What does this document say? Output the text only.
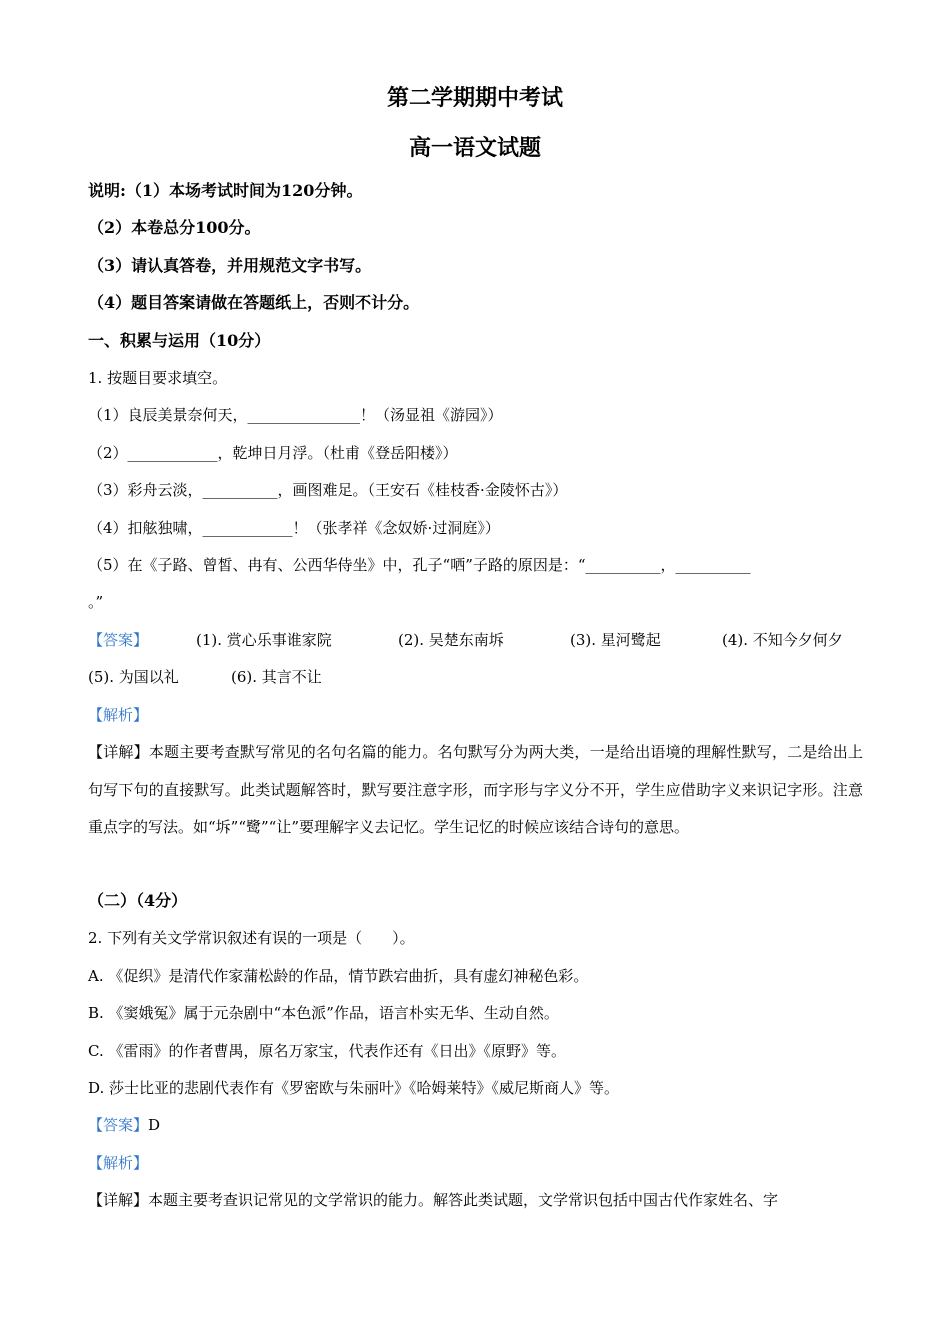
第二学期期中考试
高一语文试题
说明:（1）本场考试时间为120分钟。
（2）本卷总分100分。
（3）请认真答卷，并用规范文字书写。
（4）题目答案请做在答题纸上，否则不计分。
一、积累与运用（10分）
1. 按题目要求填空。
（1）良辰美景奈何天，_______________！（汤显祖《游园》）
（2）____________，乾坤日月浮。（杜甫《登岳阳楼》）
（3）彩舟云淡，__________，画图难足。（王安石《桂枝香·金陵怀古》）
（4）扣舷独啸，____________！（张孝祥《念奴娇·过洞庭》）
（5）在《子路、曾皙、冉有、公西华侍坐》中，孔子“哂”子路的原因是：“__________，__________
。”
【答案】	(1). 赏心乐事谁家院	(2). 吴楚东南坼	(3). 星河鹭起	(4). 不知今夕何夕
(5). 为国以礼	(6). 其言不让
【解析】
【详解】本题主要考查默写常见的名句名篇的能力。名句默写分为两大类，一是给出语境的理解性默写，二是给出上句写下句的直接默写。此类试题解答时，默写要注意字形，而字形与字义分不开，学生应借助字义来识记字形。注意重点字的写法。如“坼”“鹭”“让”要理解字义去记忆。学生记忆的时候应该结合诗句的意思。
（二）（4分）
2. 下列有关文学常识叙述有误的一项是（　　）。
A. 《促织》是清代作家蒲松龄的作品，情节跌宕曲折，具有虚幻神秘色彩。
B. 《窦娥冤》属于元杂剧中“本色派”作品，语言朴实无华、生动自然。
C. 《雷雨》的作者曹禺，原名万家宝，代表作还有《日出》《原野》等。
D. 莎士比亚的悲剧代表作有《罗密欧与朱丽叶》《哈姆莱特》《威尼斯商人》等。
【答案】D
【解析】
【详解】本题主要考查识记常见的文学常识的能力。解答此类试题，文学常识包括中国古代作家姓名、字
